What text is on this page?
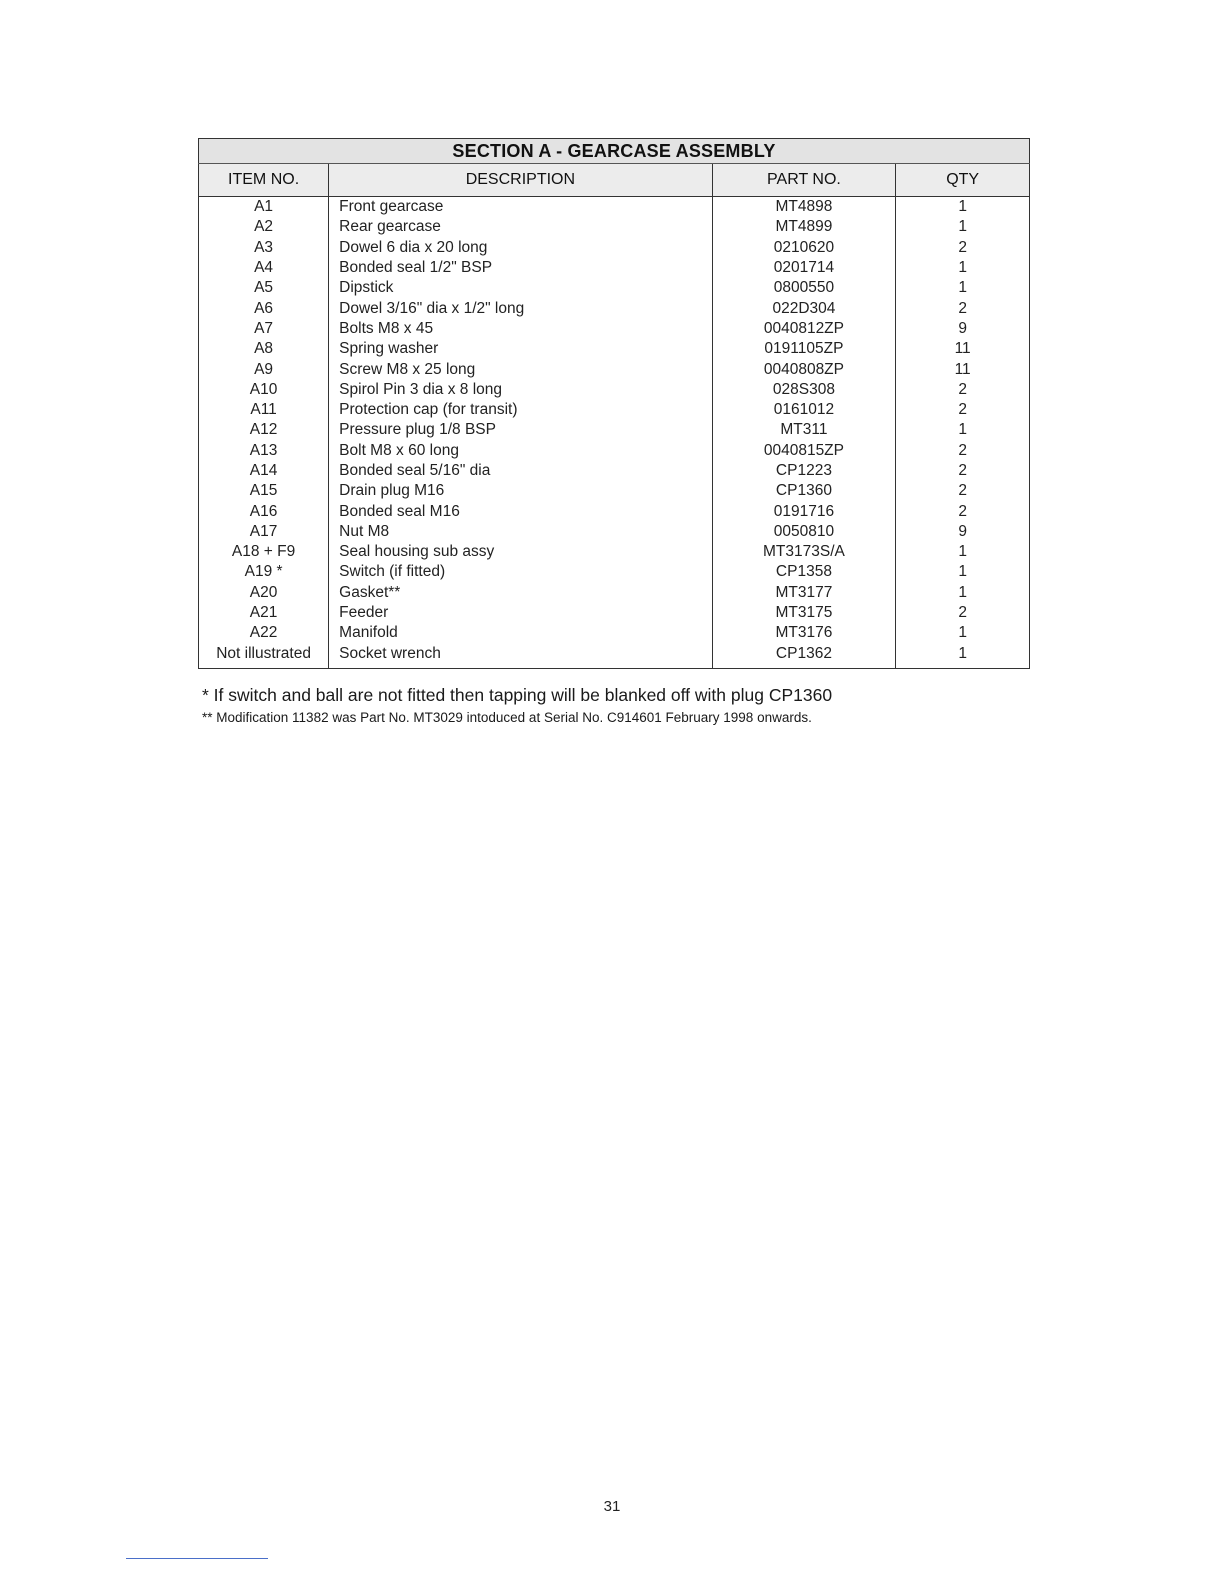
SECTION A - GEARCASE ASSEMBLY			
ITEM NO.	DESCRIPTION	PART NO.	QTY
A1	Front gearcase	MT4898	1
A2	Rear gearcase	MT4899	1
A3	Dowel 6 dia x 20 long	0210620	2
A4	Bonded seal 1/2" BSP	0201714	1
A5	Dipstick	0800550	1
A6	Dowel 3/16" dia x 1/2" long	022D304	2
A7	Bolts M8 x 45	0040812ZP	9
A8	Spring washer	0191105ZP	11
A9	Screw M8 x 25 long	0040808ZP	11
A10	Spirol Pin 3 dia x 8 long	028S308	2
A11	Protection cap (for transit)	0161012	2
A12	Pressure plug 1/8 BSP	MT311	1
A13	Bolt M8 x 60 long	0040815ZP	2
A14	Bonded seal 5/16" dia	CP1223	2
A15	Drain plug M16	CP1360	2
A16	Bonded seal M16	0191716	2
A17	Nut M8	0050810	9
A18 + F9	Seal housing sub assy	MT3173S/A	1
A19 *	Switch (if fitted)	CP1358	1
A20	Gasket**	MT3177	1
A21	Feeder	MT3175	2
A22	Manifold	MT3176	1
Not illustrated	Socket wrench	CP1362	1
* If switch and ball are not fitted then tapping will be blanked off with plug CP1360
** Modification 11382 was Part No. MT3029 intoduced at Serial No. C914601 February 1998 onwards.
31
